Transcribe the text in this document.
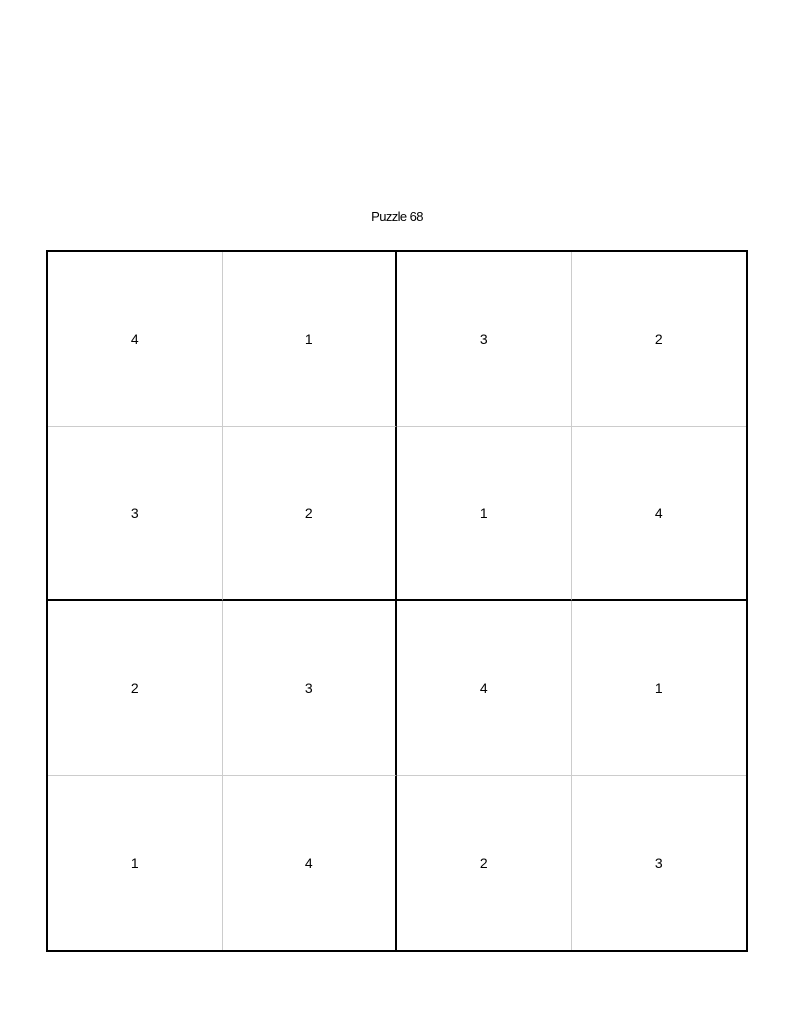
Puzzle 68
4	1	3	2
3	2	1	4
2	3	4	1
1	4	2	3
